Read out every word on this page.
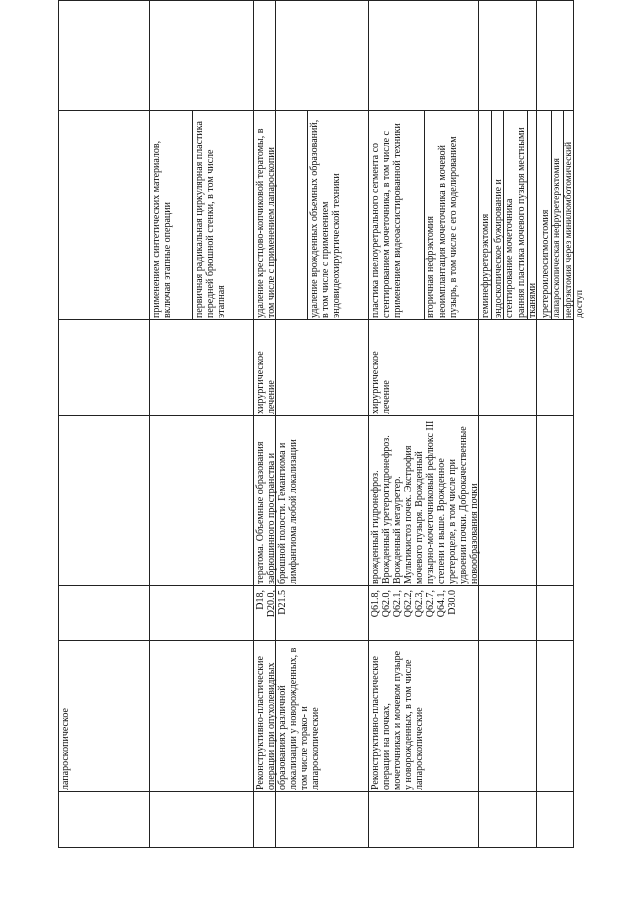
лапароскопическое
применением синтетических материалов, включая этапные операции первичная радикальная циркулярная пластика передней брюшной стенки, в том числе этапная
Реконструктивно-пластические операции при опухолевидных образованиях различной локализации у новорожденных, в том числе торако- и лапароскопические
D18,
D20.0,
D21.5
тератома. Объемные образования забрюшинного пространства и брюшной полости. Гемангиома и лимфангиома любой локализации
хирургическое лечение
удаление крестцово-копчиковой тератомы, в том числе с применением лапароскопии	удаление врожденных объемных образований, в том числе с применением эндовидеохирургической техники
Реконструктивно-пластические операции на почках, мочеточниках и мочевом пузыре у новорожденных, в том числе лапароскопические
Q61.8,
Q62.0,
Q62.1,
Q62.2,
Q62.3,
Q62.7,
Q64.1,
D30.0
врожденный гидронефроз. Врожденный уретерогидронефроз. Врожденный мегауретер. Мультикистоз почек. Экстрофия мочевого пузыря. Врожденный пузырно-мочеточниковый рефлюкс III степени и выше. Врожденное уретероцеле, в том числе при удвоении почки. Доброкачественные новообразования почки
хирургическое лечение
пластика пиелоуретрального сегмента со стентированием мочеточника, в том числе с применением видеоассистированной техники вторичная нефрэктомия неоимплантация мочеточника в мочевой пузырь, в том числе с его моделированием геминефруретерэктомия эндоскопическое бужирование и стентирование мочеточника ранняя пластика мочевого пузыря местными тканями уретероилеосигмостомия лапароскопическая нефруретерэктомия нефрэктомия через минилюмботомический доступ
